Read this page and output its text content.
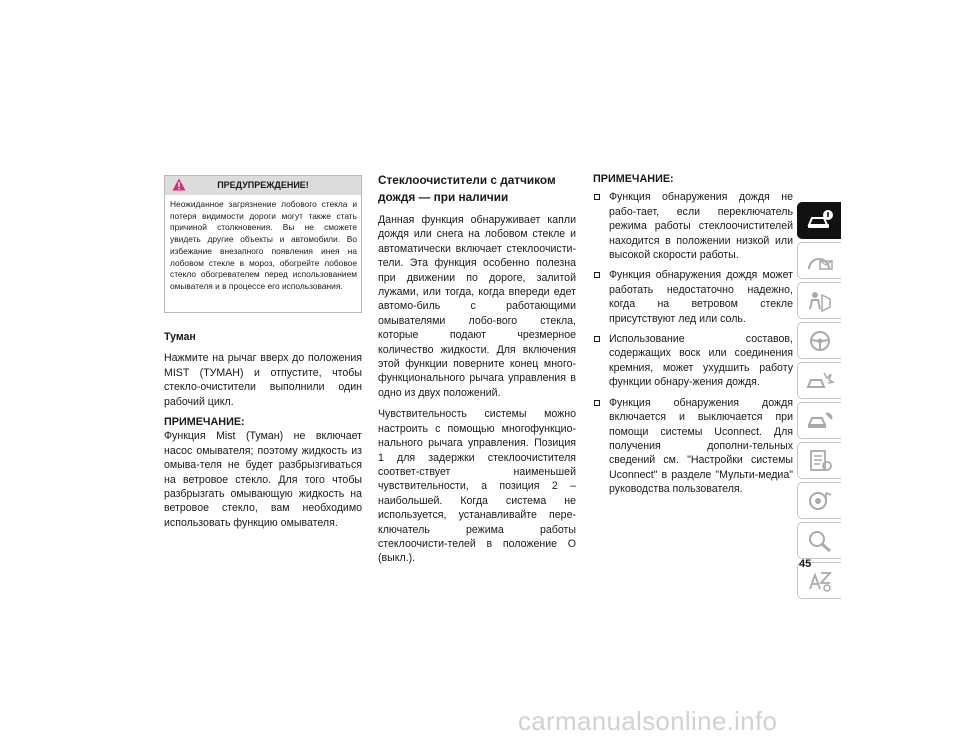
ПРЕДУПРЕЖДЕНИЕ!
Неожиданное загрязнение лобового стекла и потеря видимости дороги могут также стать причиной столкновения. Вы не сможете увидеть другие объекты и автомобили. Во избежание внезапного появления инея на лобовом стекле в мороз, обогрейте лобовое стекло обогревателем перед использованием омывателя и в процессе его использования.

Туман

Нажмите на рычаг вверх до положения MIST (ТУМАН) и отпустите, чтобы стекло-очистители выполнили один рабочий цикл.

ПРИМЕЧАНИЕ:

Функция Mist (Туман) не включает насос омывателя; поэтому жидкость из омыва-теля не будет разбрызгиваться на ветровое стекло. Для того чтобы разбрызгать омывающую жидкость на ветровое стекло, вам необходимо использовать функцию омывателя.

Стеклоочистители с датчиком дождя — при наличии

Данная функция обнаруживает капли дождя или снега на лобовом стекле и автоматически включает стеклоочисти-тели. Эта функция особенно полезна при движении по дороге, залитой лужами, или тогда, когда впереди едет автомо-биль с работающими омывателями лобо-вого стекла, которые подают чрезмерное количество жидкости. Для включения этой функции поверните конец много-функционального рычага управления в одно из двух положений.

Чувствительность системы можно настроить с помощью многофункцио-нального рычага управления. Позиция 1 для задержки стеклоочистителя соответ-ствует наименьшей чувствительности, а позиция 2 – наибольшей. Когда система не используется, устанавливайте пере-ключатель режима работы стеклоочисти-телей в положение O (выкл.).

ПРИМЕЧАНИЕ:

Функция обнаружения дождя не рабо-тает, если переключатель режима работы стеклоочистителей находится в положении низкой или высокой скорости работы.
Функция обнаружения дождя может работать недостаточно надежно, когда на ветровом стекле присутствуют лед или соль.
Использование составов, содержащих воск или соединения кремния, может ухудшить работу функции обнару-жения дождя.
Функция обнаружения дождя включается и выключается при помощи системы Uconnect. Для получения дополни-тельных сведений см. "Настройки системы Uconnect" в разделе "Мульти-медиа" руководства пользователя.
45
carmanualsonline.info
